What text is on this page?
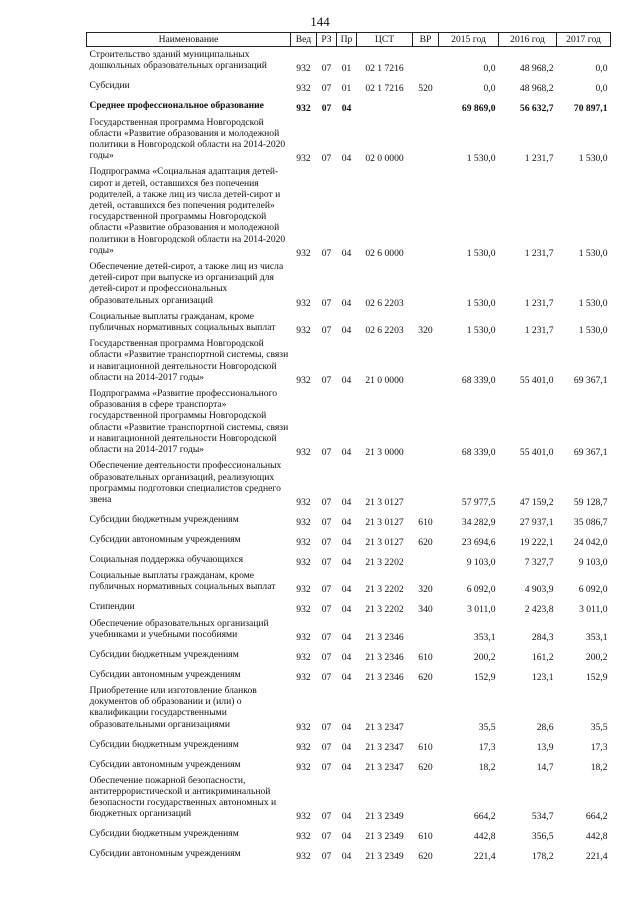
144
Наименование	Вед	РЗ	Пр	ЦСТ	ВР	2015 год	2016 год	2017 год
Строительство зданий муниципальных дошкольных образовательных организаций	932	07	01	02 1 7216		0,0	48 968,2	0,0
Субсидии	932	07	01	02 1 7216	520	0,0	48 968,2	0,0
Среднее профессиональное образование	932	07	04			69 869,0	56 632,7	70 897,1
Государственная программа Новгородской области «Развитие образования и молодежной политики в Новгородской области на 2014-2020 годы»	932	07	04	02 0 0000		1 530,0	1 231,7	1 530,0
Подпрограмма «Социальная адаптация детей-сирот и детей, оставшихся без попечения родителей, а также лиц из числа детей-сирот и детей, оставшихся без попечения родителей» государственной программы Новгородской области «Развитие образования и молодежной политики в Новгородской области на 2014-2020 годы»	932	07	04	02 6 0000		1 530,0	1 231,7	1 530,0
Обеспечение детей-сирот, а также лиц из числа детей-сирот при выпуске из организаций для детей-сирот и профессиональных образовательных организаций	932	07	04	02 6 2203		1 530,0	1 231,7	1 530,0
Социальные выплаты гражданам, кроме публичных нормативных социальных выплат	932	07	04	02 6 2203	320	1 530,0	1 231,7	1 530,0
Государственная программа Новгородской области «Развитие транспортной системы, связи и навигационной деятельности Новгородской области на 2014-2017 годы»	932	07	04	21 0 0000		68 339,0	55 401,0	69 367,1
Подпрограмма «Развитие профессионального образования в сфере транспорта» государственной программы Новгородской области «Развитие транспортной системы, связи и навигационной деятельности Новгородской области на 2014-2017 годы»	932	07	04	21 3 0000		68 339,0	55 401,0	69 367,1
Обеспечение деятельности профессиональных образовательных организаций, реализующих программы подготовки специалистов среднего звена	932	07	04	21 3 0127		57 977,5	47 159,2	59 128,7
Субсидии бюджетным учреждениям	932	07	04	21 3 0127	610	34 282,9	27 937,1	35 086,7
Субсидии автономным учреждениям	932	07	04	21 3 0127	620	23 694,6	19 222,1	24 042,0
Социальная поддержка обучающихся	932	07	04	21 3 2202		9 103,0	7 327,7	9 103,0
Социальные выплаты гражданам, кроме публичных нормативных социальных выплат	932	07	04	21 3 2202	320	6 092,0	4 903,9	6 092,0
Стипендии	932	07	04	21 3 2202	340	3 011,0	2 423,8	3 011,0
Обеспечение образовательных организаций учебниками и учебными пособиями	932	07	04	21 3 2346		353,1	284,3	353,1
Субсидии бюджетным учреждениям	932	07	04	21 3 2346	610	200,2	161,2	200,2
Субсидии автономным учреждениям	932	07	04	21 3 2346	620	152,9	123,1	152,9
Приобретение или изготовление бланков документов об образовании и (или) о квалификации государственными образовательными организациями	932	07	04	21 3 2347		35,5	28,6	35,5
Субсидии бюджетным учреждениям	932	07	04	21 3 2347	610	17,3	13,9	17,3
Субсидии автономным учреждениям	932	07	04	21 3 2347	620	18,2	14,7	18,2
Обеспечение пожарной безопасности, антитеррористической и антикриминальной безопасности государственных автономных и бюджетных организаций	932	07	04	21 3 2349		664,2	534,7	664,2
Субсидии бюджетным учреждениям	932	07	04	21 3 2349	610	442,8	356,5	442,8
Субсидии автономным учреждениям	932	07	04	21 3 2349	620	221,4	178,2	221,4
